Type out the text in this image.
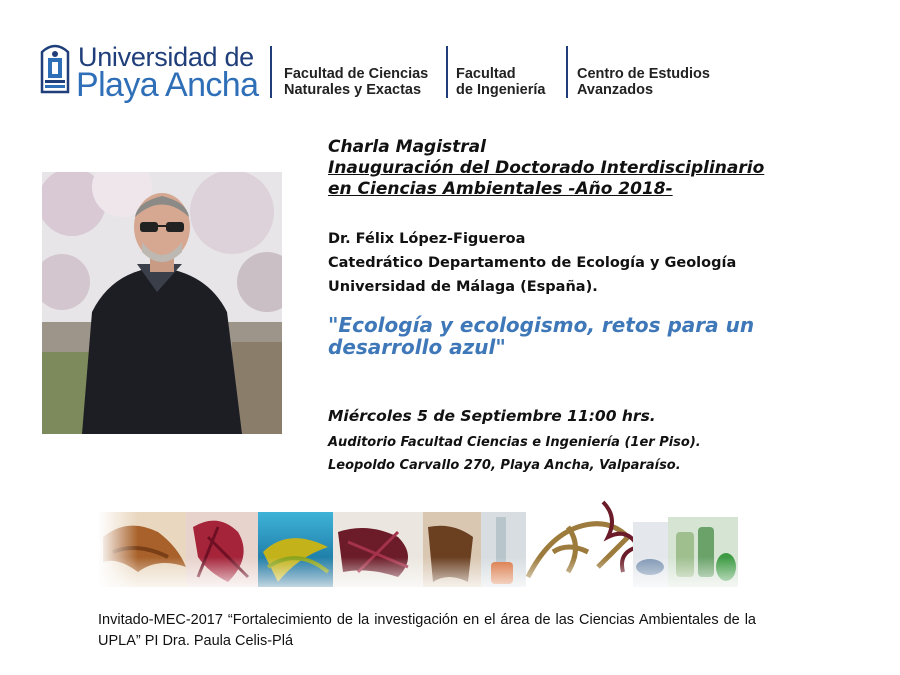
Universidad de
Playa Ancha Facultad de Ciencias
Naturales y Exactas
Facultad
de Ingeniería
Centro de Estudios
Avanzados
Charla Magistral
Inauguración del Doctorado Interdisciplinario
en Ciencias Ambientales -Año 2018-
Dr. Félix López-Figueroa
Catedrático Departamento de Ecología y Geología
Universidad de Málaga (España).
"Ecología y ecologismo, retos para un
desarrollo azul"
Miércoles 5 de Septiembre 11:00 hrs.
Auditorio Facultad Ciencias e Ingeniería (1er Piso).
Leopoldo Carvallo 270, Playa Ancha, Valparaíso.
Invitado-MEC-2017 “Fortalecimiento de la investigación en el área de las Ciencias Ambientales de la UPLA” PI Dra. Paula Celis-Plá
